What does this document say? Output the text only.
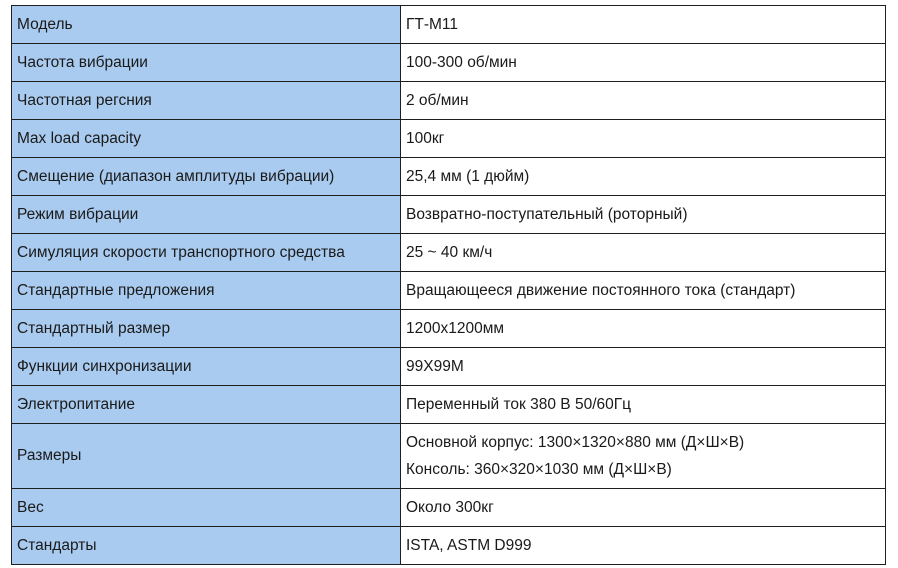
Модель	ГТ-М11
Частота вибрации	100-300 об/мин
Частотная регсния	2 об/мин
Max load capacity	100кг
Смещение (диапазон амплитуды вибрации)	25,4 мм (1 дюйм)
Режим вибрации	Возвратно-поступательный (роторный)
Симуляция скорости транспортного средства	25 ~ 40 км/ч
Стандартные предложения	Вращающееся движение постоянного тока (стандарт)
Стандартный размер	1200x1200мм
Функции синхронизации	99X99M
Электропитание	Переменный ток 380 В 50/60Гц
Размеры	Основной корпус: 1300×1320×880 мм (Д×Ш×В)
Консоль: 360×320×1030 мм (Д×Ш×В)

Вес	Около 300кг
Стандарты	ISTA, ASTM D999
